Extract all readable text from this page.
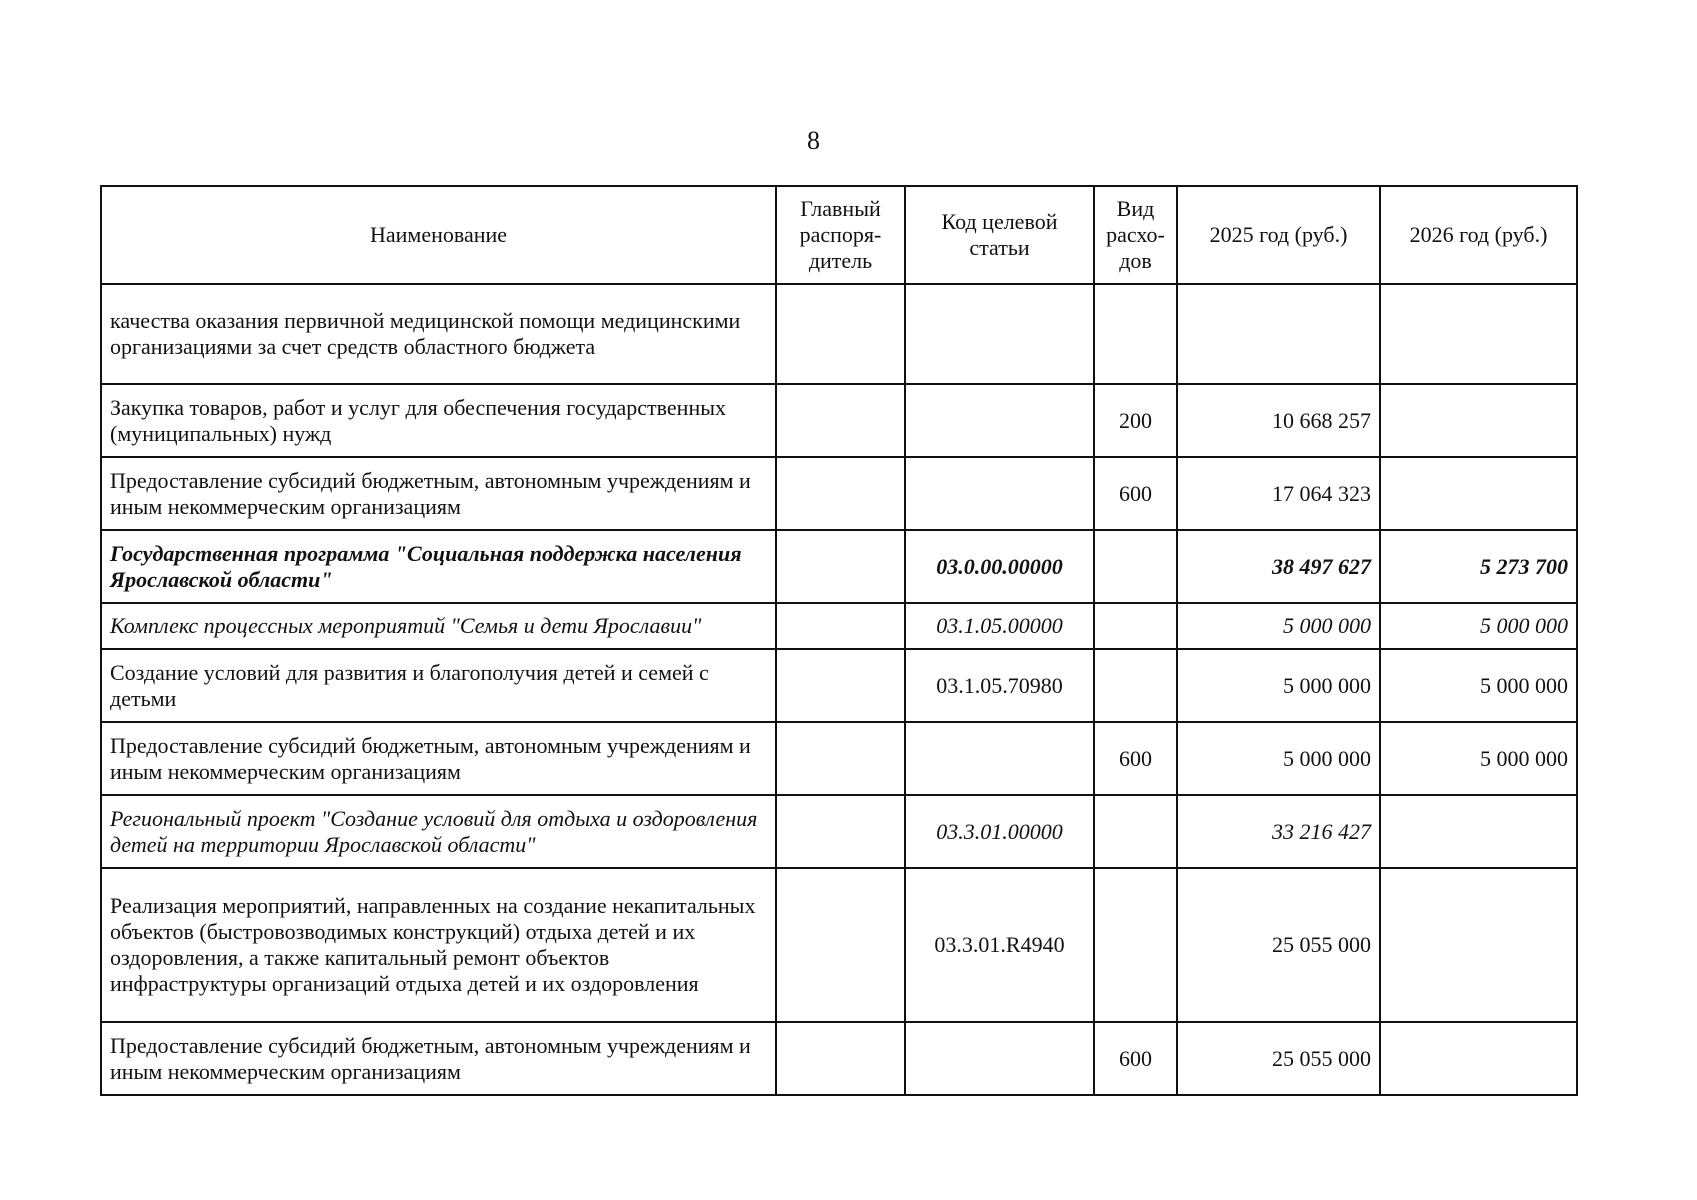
8
Наименование	Главный распоря-дитель	Код целевой статьи	Вид расхо-дов	2025 год (руб.)	2026 год (руб.)
качества оказания первичной медицинской помощи медицинскими организациями за счет средств областного бюджета					
Закупка товаров, работ и услуг для обеспечения государственных (муниципальных) нужд			200	10 668 257	
Предоставление субсидий бюджетным, автономным учреждениям и иным некоммерческим организациям			600	17 064 323	
Государственная программа "Социальная поддержка населения Ярославской области"		03.0.00.00000		38 497 627	5 273 700
Комплекс процессных мероприятий "Семья и дети Ярославии"		03.1.05.00000		5 000 000	5 000 000
Создание условий для развития и благополучия детей и семей с детьми		03.1.05.70980		5 000 000	5 000 000
Предоставление субсидий бюджетным, автономным учреждениям и иным некоммерческим организациям			600	5 000 000	5 000 000
Региональный проект "Создание условий для отдыха и оздоровления детей на территории Ярославской области"		03.3.01.00000		33 216 427	
Реализация мероприятий, направленных на создание некапитальных объектов (быстровозводимых конструкций) отдыха детей и их оздоровления, а также капитальный ремонт объектов инфраструктуры организаций отдыха детей и их оздоровления		03.3.01.R4940		25 055 000	
Предоставление субсидий бюджетным, автономным учреждениям и иным некоммерческим организациям			600	25 055 000	
